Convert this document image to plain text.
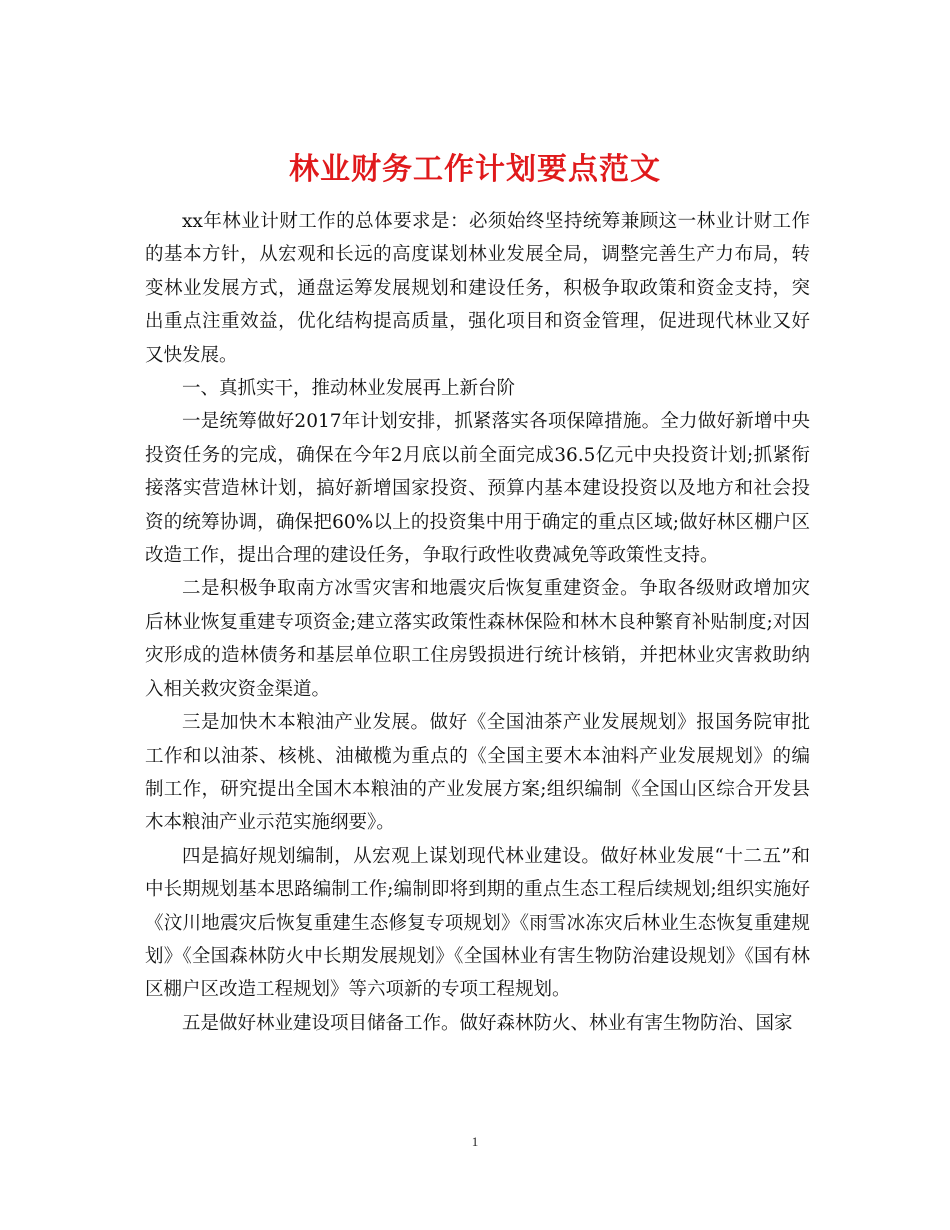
林业财务工作计划要点范文

xx年林业计财工作的总体要求是：必须始终坚持统筹兼顾这一林业计财工作的基本方针，从宏观和长远的高度谋划林业发展全局，调整完善生产力布局，转变林业发展方式，通盘运筹发展规划和建设任务，积极争取政策和资金支持，突出重点注重效益，优化结构提高质量，强化项目和资金管理，促进现代林业又好又快发展。

一、真抓实干，推动林业发展再上新台阶

一是统筹做好2017年计划安排，抓紧落实各项保障措施。全力做好新增中央投资任务的完成，确保在今年2月底以前全面完成36.5亿元中央投资计划;抓紧衔接落实营造林计划，搞好新增国家投资、预算内基本建设投资以及地方和社会投资的统筹协调，确保把60%以上的投资集中用于确定的重点区域;做好林区棚户区改造工作，提出合理的建设任务，争取行政性收费减免等政策性支持。

二是积极争取南方冰雪灾害和地震灾后恢复重建资金。争取各级财政增加灾后林业恢复重建专项资金;建立落实政策性森林保险和林木良种繁育补贴制度;对因灾形成的造林债务和基层单位职工住房毁损进行统计核销，并把林业灾害救助纳入相关救灾资金渠道。

三是加快木本粮油产业发展。做好《全国油茶产业发展规划》报国务院审批工作和以油茶、核桃、油橄榄为重点的《全国主要木本油料产业发展规划》的编制工作，研究提出全国木本粮油的产业发展方案;组织编制《全国山区综合开发县木本粮油产业示范实施纲要》。

四是搞好规划编制，从宏观上谋划现代林业建设。做好林业发展“十二五”和中长期规划基本思路编制工作;编制即将到期的重点生态工程后续规划;组织实施好《汶川地震灾后恢复重建生态修复专项规划》《雨雪冰冻灾后林业生态恢复重建规划》《全国森林防火中长期发展规划》《全国林业有害生物防治建设规划》《国有林区棚户区改造工程规划》等六项新的专项工程规划。

五是做好林业建设项目储备工作。做好森林防火、林业有害生物防治、国家

1
